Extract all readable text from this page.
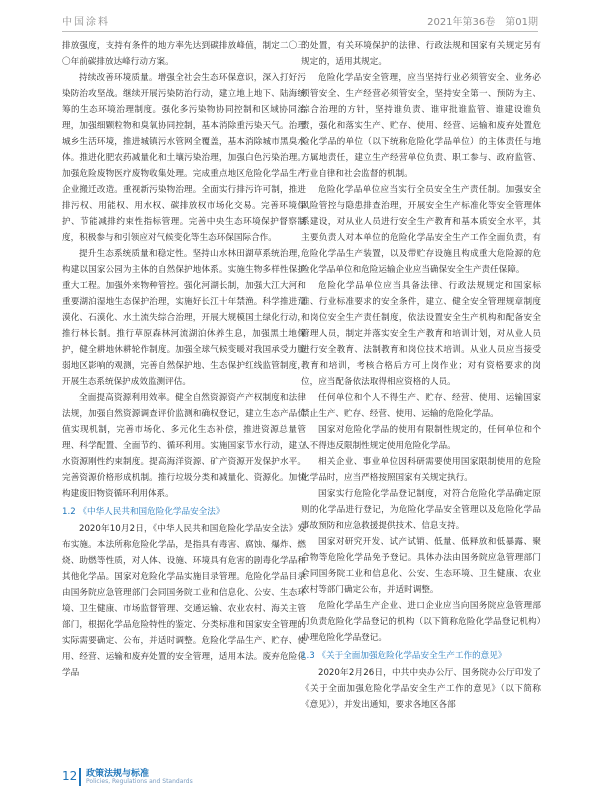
中国涂料	2021年第36卷　第01期

排放强度，支持有条件的地方率先达到碳排放峰值，制定二〇三〇年前碳排放达峰行动方案。

持续改善环境质量。增强全社会生态环保意识，深入打好污染防治攻坚战。继续开展污染防治行动，建立地上地下、陆海统筹的生态环境治理制度。强化多污染物协同控制和区域协同治理，加强细颗粒物和臭氧协同控制，基本消除重污染天气。治理城乡生活环境，推进城镇污水管网全覆盖，基本消除城市黑臭水体。推进化肥农药减量化和土壤污染治理，加强白色污染治理。加强危险废物医疗废物收集处理。完成重点地区危险化学品生产企业搬迁改造。重视新污染物治理。全面实行排污许可制，推进排污权、用能权、用水权、碳排放权市场化交易。完善环境保护、节能减排约束性指标管理。完善中央生态环境保护督察制度，积极参与和引领应对气候变化等生态环保国际合作。

提升生态系统质量和稳定性。坚持山水林田湖草系统治理，构建以国家公园为主体的自然保护地体系。实施生物多样性保护重大工程。加强外来物种管控。强化河湖长制，加强大江大河和重要湖泊湿地生态保护治理，实施好长江十年禁渔。科学推进荒漠化、石漠化、水土流失综合治理，开展大规模国土绿化行动，推行林长制。推行草原森林河流湖泊休养生息，加强黑土地保护，健全耕地休耕轮作制度。加强全球气候变暖对我国承受力脆弱地区影响的观测，完善自然保护地、生态保护红线监管制度，开展生态系统保护成效监测评估。

全面提高资源利用效率。健全自然资源资产产权制度和法律法规，加强自然资源调查评价监测和确权登记，建立生态产品价值实现机制，完善市场化、多元化生态补偿，推进资源总量管理、科学配置、全面节约、循环利用。实施国家节水行动，建立水资源刚性约束制度。提高海洋资源、矿产资源开发保护水平。完善资源价格形成机制。推行垃圾分类和减量化、资源化。加快构建废旧物资循环利用体系。

1.2 《中华人民共和国危险化学品安全法》

2020年10月2日，《中华人民共和国危险化学品安全法》发布实施。本法所称危险化学品，是指具有毒害、腐蚀、爆炸、燃烧、助燃等性质，对人体、设施、环境具有危害的剧毒化学品和其他化学品。国家对危险化学品实施目录管理。危险化学品目录由国务院应急管理部门会同国务院工业和信息化、公安、生态环境、卫生健康、市场监督管理、交通运输、农业农村、海关主管部门，根据化学品危险特性的鉴定、分类标准和国家安全管理的实际需要确定、公布，并适时调整。危险化学品生产、贮存、使用、经营、运输和废弃处置的安全管理，适用本法。废弃危险化学品

的处置，有关环境保护的法律、行政法规和国家有关规定另有规定的，适用其规定。

危险化学品安全管理，应当坚持行业必须管安全、业务必须管安全、生产经营必须管安全，坚持安全第一、预防为主、综合治理的方针，坚持谁负责、谁审批谁监管、谁建设谁负责，强化和落实生产、贮存、使用、经营、运输和废弃处置危险化学品的单位（以下统称危险化学品单位）的主体责任与地方属地责任，建立生产经营单位负责、职工参与、政府监管、行业自律和社会监督的机制。

危险化学品单位应当实行全员安全生产责任制。加强安全风险管控与隐患排查治理，开展安全生产标准化等安全管理体系建设，对从业人员进行安全生产教育和基本质安全水平，其主要负责人对本单位的危险化学品安全生产工作全面负责，有危险化学品生产装置，以及带贮存设施且构成重大危险源的危险化学品单位和危险运输企业应当确保安全生产责任保障。

危险化学品单位应当具备法律、行政法规规定和国家标准、行业标准要求的安全条件，建立、健全安全管理规章制度和岗位安全生产责任制度，依法设置安全生产机构和配备安全管理人员，制定并落实安全生产教育和培训计划，对从业人员进行安全教育、法制教育和岗位技术培训。从业人员应当接受教育和培训，考核合格后方可上岗作业；对有资格要求的岗位，应当配备依法取得相应资格的人员。

任何单位和个人不得生产、贮存、经营、使用、运输国家禁止生产、贮存、经营、使用、运输的危险化学品。

国家对危险化学品的使用有限制性规定的，任何单位和个人不得违反限制性规定使用危险化学品。

相关企业、事业单位因科研需要使用国家限制使用的危险化学品时，应当严格按照国家有关规定执行。

国家实行危险化学品登记制度，对符合危险化学品确定原则的化学品进行登记，为危险化学品安全管理以及危险化学品事故预防和应急救援提供技术、信息支持。

国家对研究开发、试产试销、低量、低释放和低暴露、聚合物等危险化学品免予登记。具体办法由国务院应急管理部门会同国务院工业和信息化、公安、生态环境、卫生健康、农业农村等部门确定公布，并适时调整。

危险化学品生产企业、进口企业应当向国务院应急管理部门负责危险化学品登记的机构（以下简称危险化学品登记机构）办理危险化学品登记。

1.3 《关于全面加强危险化学品安全生产工作的意见》

2020年2月26日，中共中央办公厅、国务院办公厅印发了《关于全面加强危险化学品安全生产工作的意见》（以下简称《意见》），并发出通知，要求各地区各部

12 政策法规与标准
Policies, Regulations and Standards
